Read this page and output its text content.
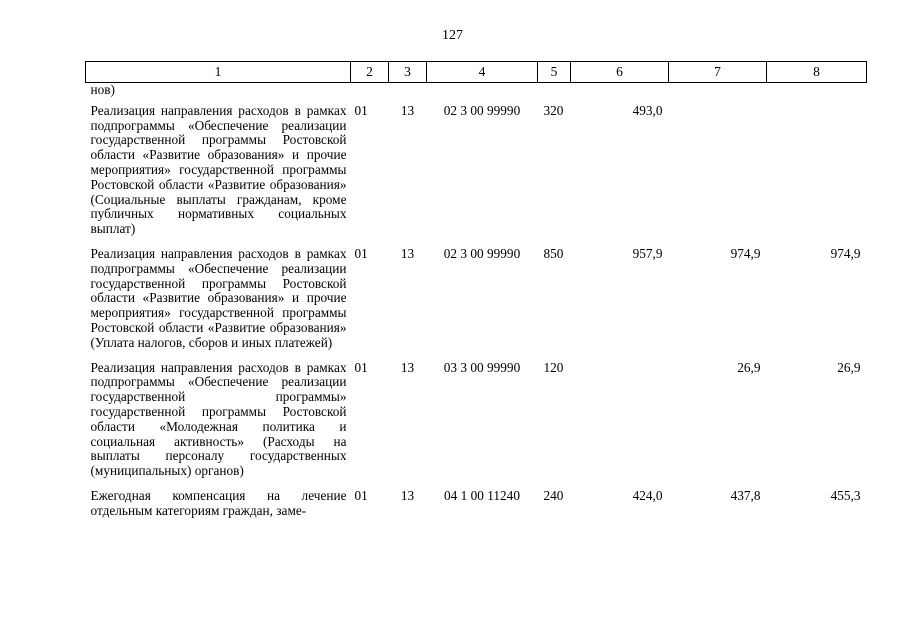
127
1	2	3	4	5	6	7	8
нов)							
Реализация направления расходов в рамках подпрограммы «Обеспечение реализации государственной программы Ростовской области «Развитие образования» и прочие мероприятия» государственной программы Ростовской области «Развитие образования» (Социальные выплаты гражданам, кроме публичных нормативных социальных выплат)	01	13	02 3 00 99990	320	493,0		
Реализация направления расходов в рамках подпрограммы «Обеспечение реализации государственной программы Ростовской области «Развитие образования» и прочие мероприятия» государственной программы Ростовской области «Развитие образования» (Уплата налогов, сборов и иных платежей)	01	13	02 3 00 99990	850	957,9	974,9	974,9
Реализация направления расходов в рамках подпрограммы «Обеспечение реализации государственной программы» государственной программы Ростовской области «Молодежная политика и социальная активность» (Расходы на выплаты персоналу государственных (муниципальных) органов)	01	13	03 3 00 99990	120		26,9	26,9
Ежегодная компенсация на лечение отдельным категориям граждан, заме-	01	13	04 1 00 11240	240	424,0	437,8	455,3
